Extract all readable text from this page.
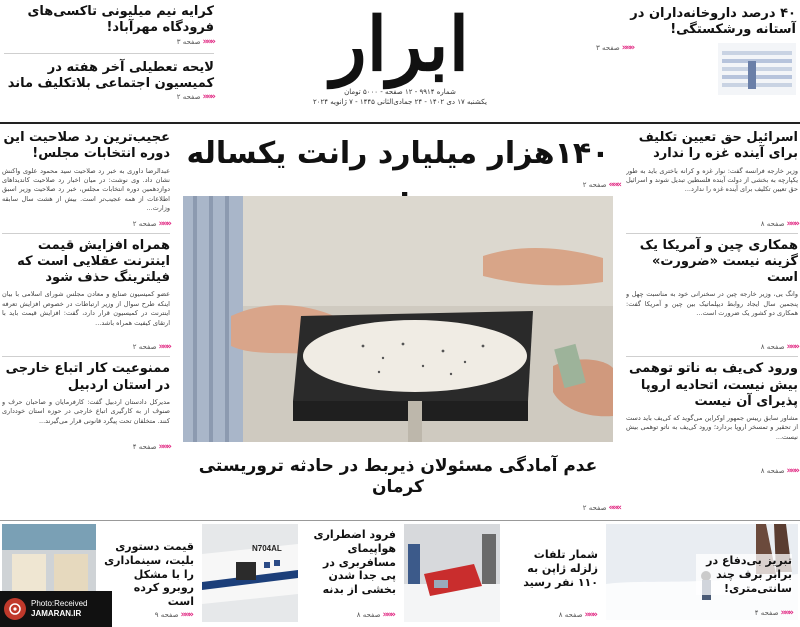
ابرار
شماره ۹۹۱۴ - ۱۲ صفحه - ۵۰۰۰ تومان
یکشنبه ۱۷ دی ۱۴۰۲ - ۲۴ جمادی‌الثانی ۱۴۴۵ - ۷ ژانویه ۲۰۲۴
کرایه نیم میلیونی تاکسی‌های فرودگاه مهرآباد!
«««
صفحه ۳
لایحه تعطیلی آخر هفته در کمیسیون اجتماعی بلاتکلیف ماند
«««
صفحه ۲
۴۰ درصد داروخانه‌داران در آستانه ورشکستگی!
«««
صفحه ۳
عجیب‌ترین رد صلاحیت این دوره انتخابات مجلس!
عبدالرضا داوری به خبر رد صلاحیت سید محمود علوی واکنش نشان داد. وی نوشت: در میان اخبار رد صلاحیت کاندیداهای دوازدهمین دوره انتخابات مجلس، خبر رد صلاحیت وزیر اسبق اطلاعات از همه عجیب‌تر است. بیش از هشت سال سابقه وزارت...
«««
صفحه ۲
همراه افزایش قیمت اینترنت عقلایی است که فیلترینگ حذف شود
عضو کمیسیون صنایع و معادن مجلس شورای اسلامی با بیان اینکه طرح سوال از وزیر ارتباطات در خصوص افزایش تعرفه اینترنت در کمیسیون قرار دارد، گفت: افزایش قیمت باید با ارتقای کیفیت همراه باشد...
«««
صفحه ۲
ممنوعیت کار اتباع خارجی در استان اردبیل
مدیرکل دادستان اردبیل گفت: کارفرمایان و صاحبان حرف و صنوف از به کارگیری اتباع خارجی در حوزه استان خودداری کنند. متخلفان تحت پیگرد قانونی قرار می‌گیرند...
«««
صفحه ۴
اسرائیل حق تعیین تکلیف برای آینده غزه را ندارد
وزیر خارجه فرانسه گفت: نوار غزه و کرانه باختری باید به طور یکپارچه به بخشی از دولت آینده فلسطین تبدیل شوند و اسرائیل حق تعیین تکلیف برای آینده غزه را ندارد...
«««
صفحه ۸
همکاری چین و آمریکا یک گزینه نیست «ضرورت» است
وانگ یی، وزیر خارجه چین در سخنرانی خود به مناسبت چهل و پنجمین سال ایجاد روابط دیپلماتیک بین چین و آمریکا گفت: همکاری دو کشور یک ضرورت است...
«««
صفحه ۸
ورود کی‌یف به ناتو توهمی بیش نیست، اتحادیه اروپا پذیرای آن نیست
مشاور سابق رییس جمهور اوکراین می‌گوید که کی‌یف باید دست از تحقیر و تمسخر اروپا بردارد؛ ورود کی‌یف به ناتو توهمی بیش نیست...
«««
صفحه ۸
۱۴۰هزار میلیارد رانت یکساله
صفحه ۲ «««
عدم آمادگی مسئولان ذیربط در حادثه تروریستی کرمان
صفحه ۲ «««
تبریز بی‌دفاع در برابر برف چند سانتی‌متری!
«««
صفحه ۴
شمار تلفات زلزله ژاپن به ۱۱۰ نفر رسید
«««
صفحه ۸
N704AL
فرود اضطراری هواپیمای مسافربری در پی جدا شدن بخشی از بدنه
«««
صفحه ۸
قیمت دستوری بلیت، سینماداری را با مشکل روبرو کرده است
«««
صفحه ۹
Photo:Received
JAMARAN.IR
